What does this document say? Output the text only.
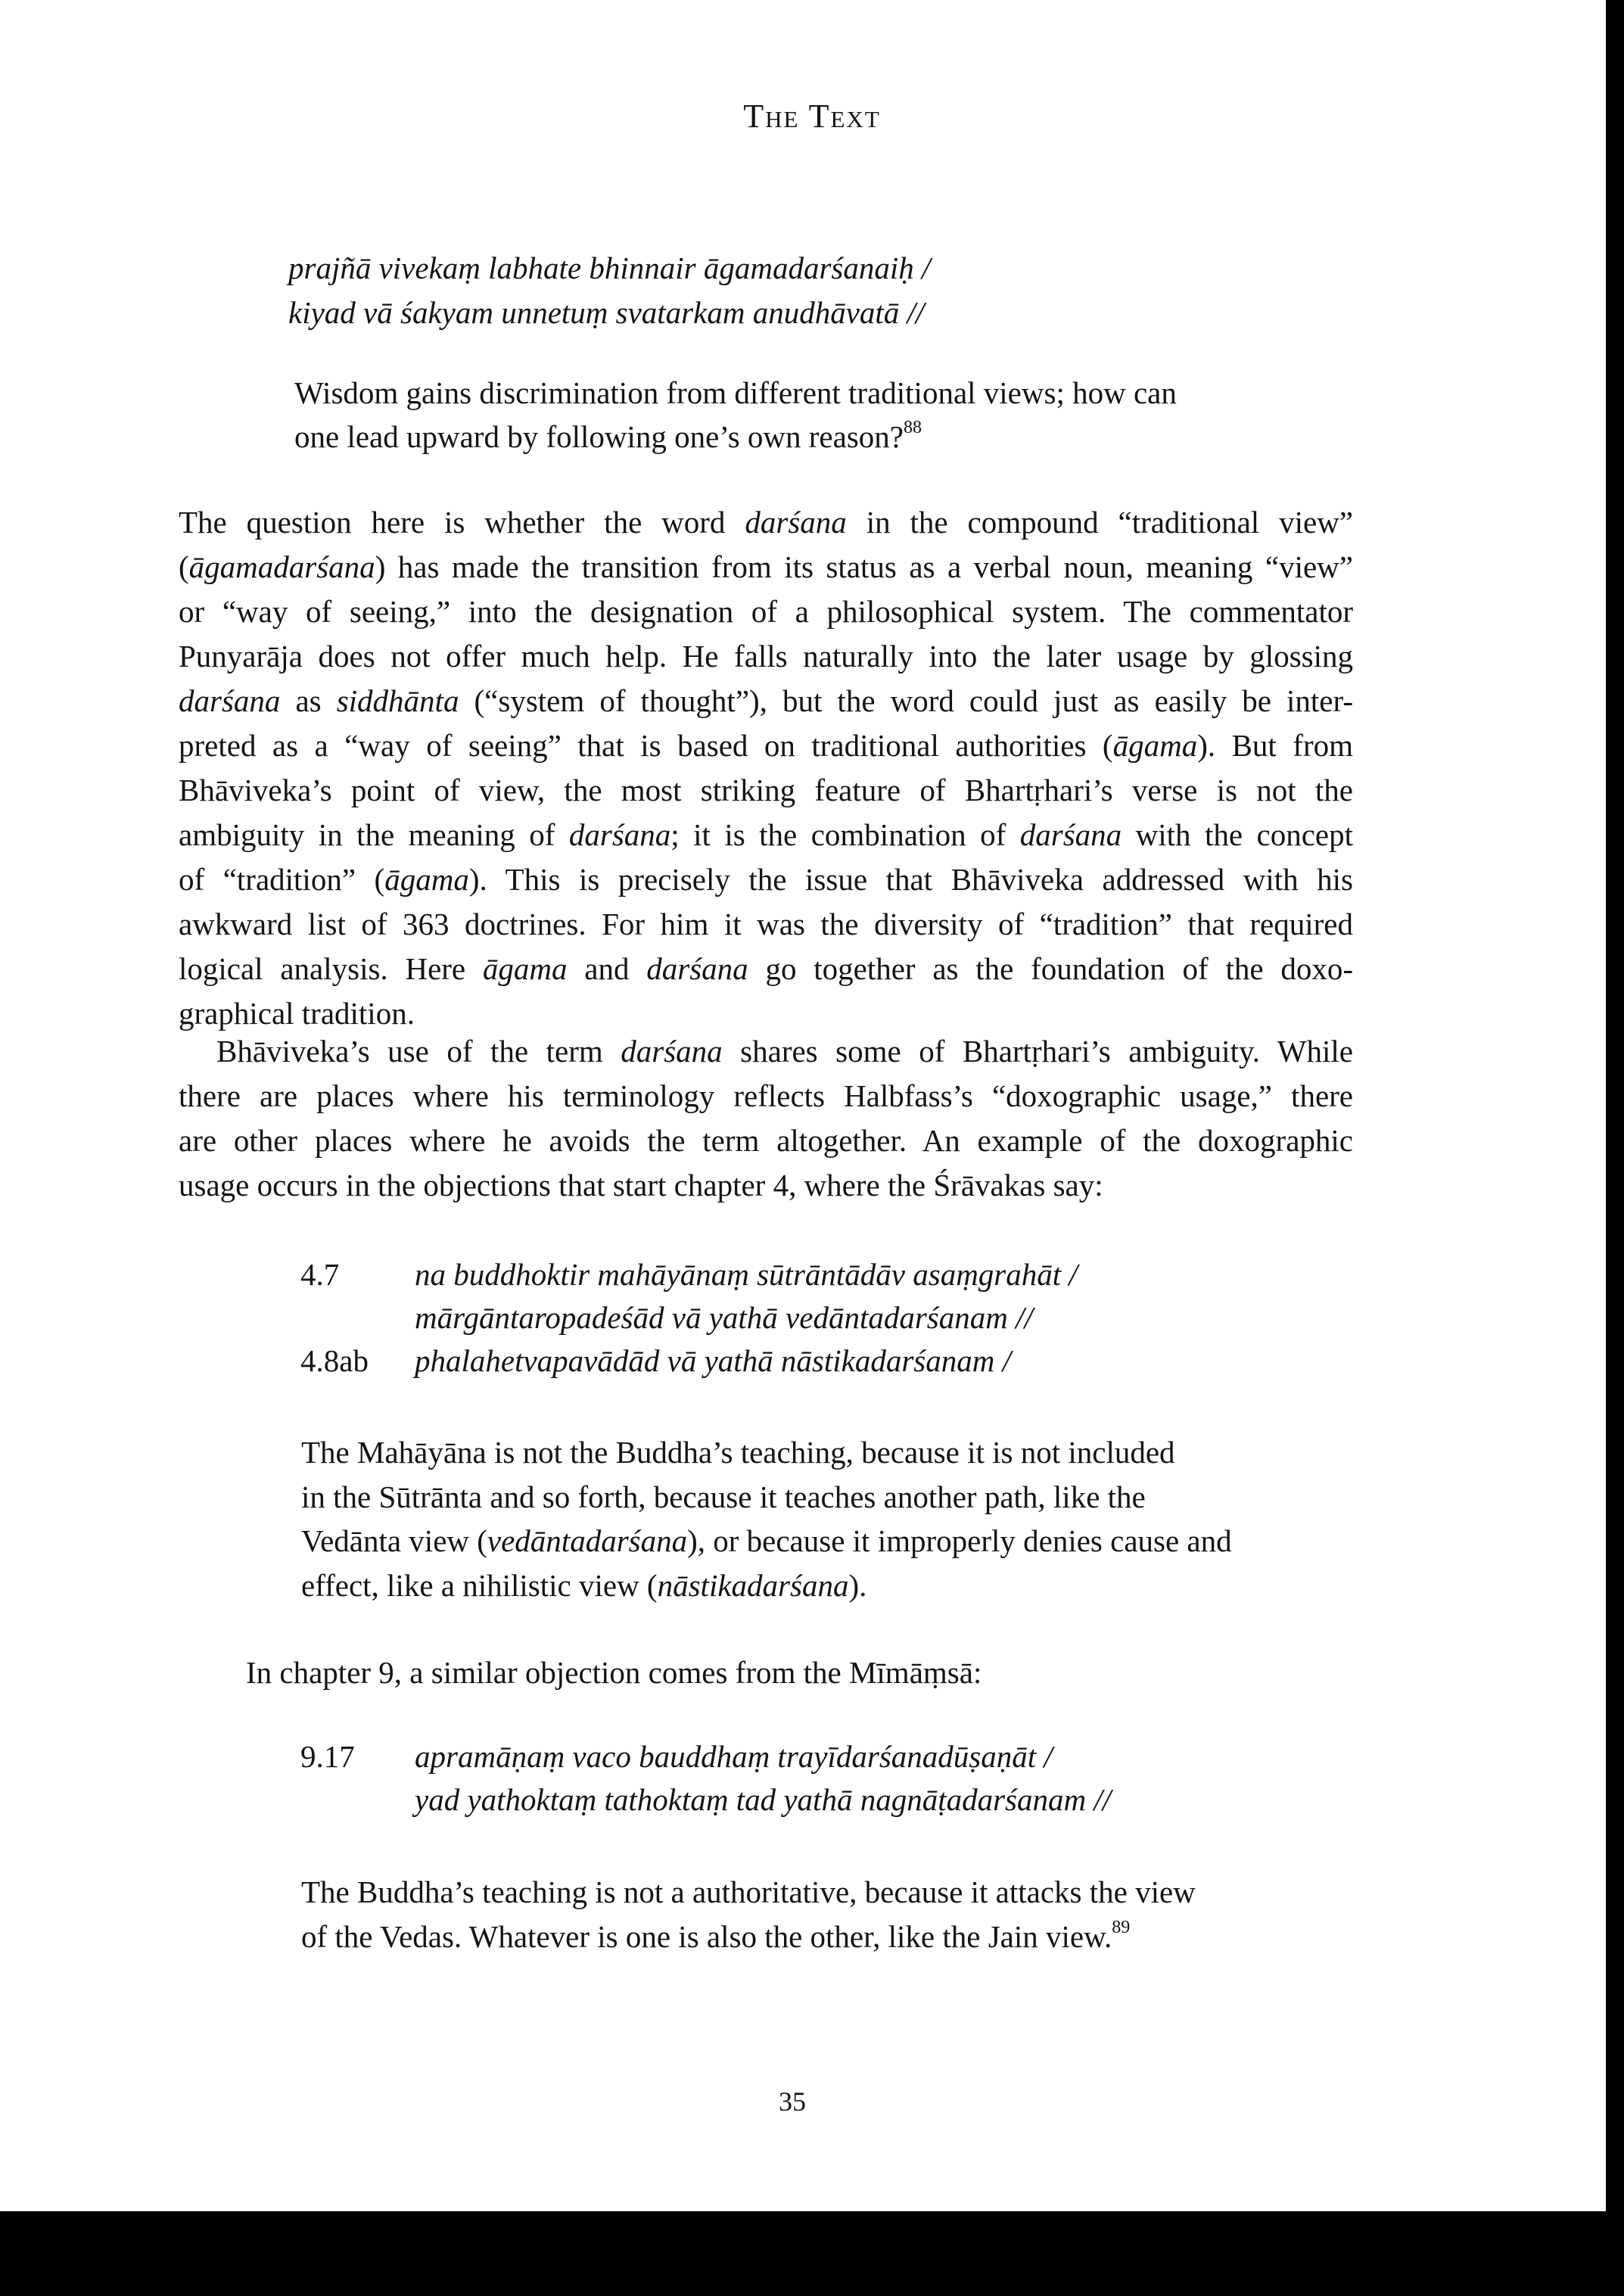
The Text
prajñā vivekaṃ labhate bhinnair āgamadarśanaiḥ /
kiyad vā śakyam unnetuṃ svatarkam anudhāvatā //
Wisdom gains discrimination from different traditional views; how can
one lead upward by following one’s own reason?$^{88}$
The question here is whether the word darśana in the compound “traditional view”
(āgamadarśana) has made the transition from its status as a verbal noun, meaning “view”
or “way of seeing,” into the designation of a philosophical system. The commentator
Punyarāja does not offer much help. He falls naturally into the later usage by glossing
darśana as siddhānta (“system of thought”), but the word could just as easily be inter-
preted as a “way of seeing” that is based on traditional authorities (āgama). But from
Bhāviveka’s point of view, the most striking feature of Bhartṛhari’s verse is not the
ambiguity in the meaning of darśana; it is the combination of darśana with the concept
of “tradition” (āgama). This is precisely the issue that Bhāviveka addressed with his
awkward list of 363 doctrines. For him it was the diversity of “tradition” that required
logical analysis. Here āgama and darśana go together as the foundation of the doxo-
graphical tradition.
Bhāviveka’s use of the term darśana shares some of Bhartṛhari’s ambiguity. While
there are places where his terminology reflects Halbfass’s “doxographic usage,” there
are other places where he avoids the term altogether. An example of the doxographic
usage occurs in the objections that start chapter 4, where the Śrāvakas say:
4.7	na buddhoktir mahāyānaṃ sūtrāntādāv asaṃgrahāt /
mārgāntaropadeśād vā yathā vedāntadarśanam //
4.8ab	phalahetvapavādād vā yathā nāstikadarśanam /
The Mahāyāna is not the Buddha’s teaching, because it is not included
in the Sūtrānta and so forth, because it teaches another path, like the
Vedānta view (vedāntadarśana), or because it improperly denies cause and
effect, like a nihilistic view (nāstikadarśana).
In chapter 9, a similar objection comes from the Mīmāṃsā:
9.17	apramāṇaṃ vaco bauddhaṃ trayīdarśanadūṣaṇāt /
yad yathoktaṃ tathoktaṃ tad yathā nagnāṭadarśanam //
The Buddha’s teaching is not a authoritative, because it attacks the view
of the Vedas. Whatever is one is also the other, like the Jain view.$^{89}$
35
